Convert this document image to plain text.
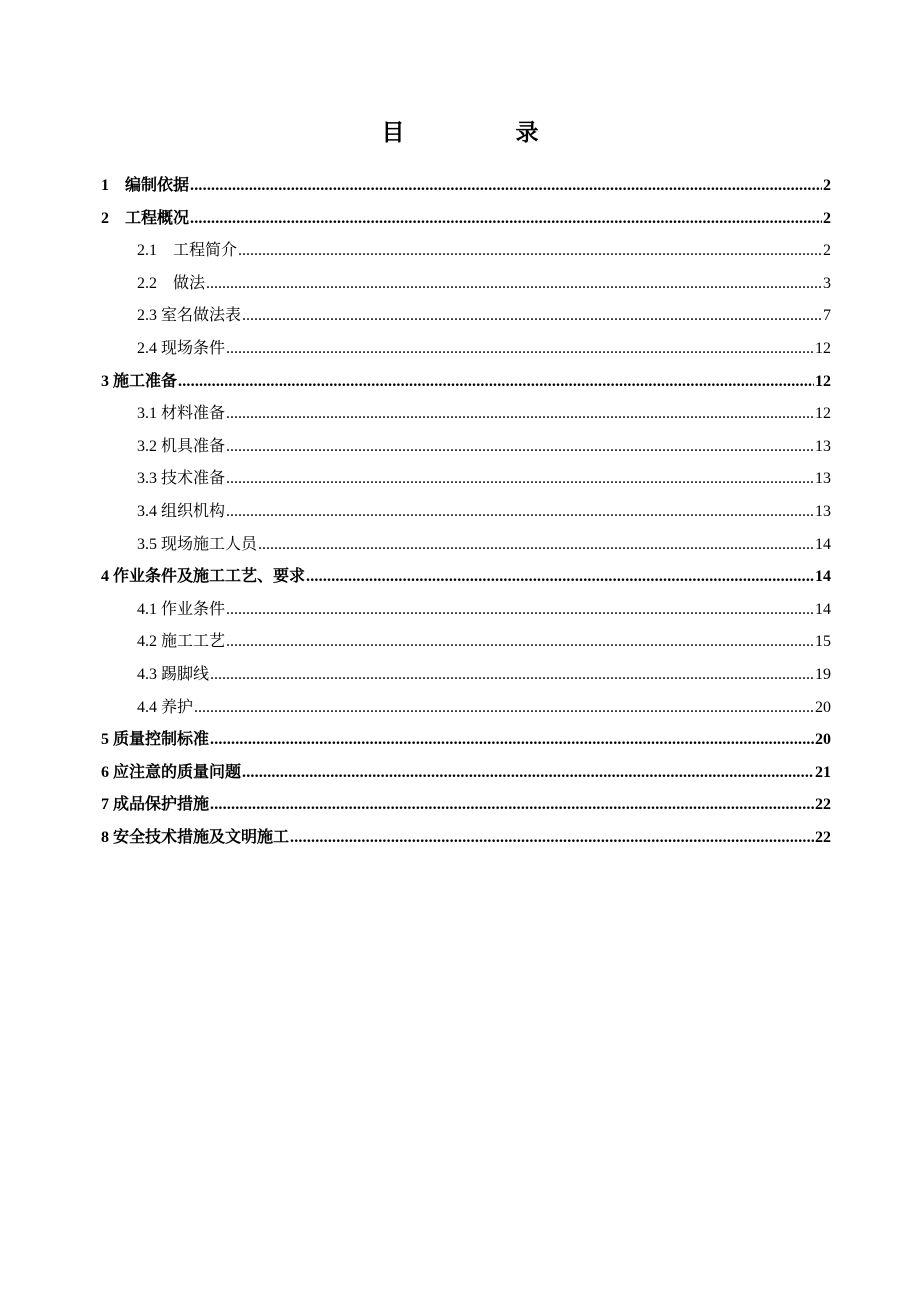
目　录
1　编制依据 .....	2
2　工程概况 .....	2
2.1　工程简介 .....	2
2.2　做法 .....	3
2.3 室名做法表 .....	7
2.4 现场条件 .....	12
3 施工准备 .....	12
3.1 材料准备 .....	12
3.2 机具准备 .....	13
3.3 技术准备 .....	13
3.4 组织机构 .....	13
3.5 现场施工人员 .....	14
4 作业条件及施工工艺、要求 .....	14
4.1 作业条件 .....	14
4.2 施工工艺 .....	15
4.3 踢脚线 .....	19
4.4 养护 .....	20
5 质量控制标准 .....	20
6 应注意的质量问题 .....	21
7 成品保护措施 .....	22
8 安全技术措施及文明施工 .....	22
